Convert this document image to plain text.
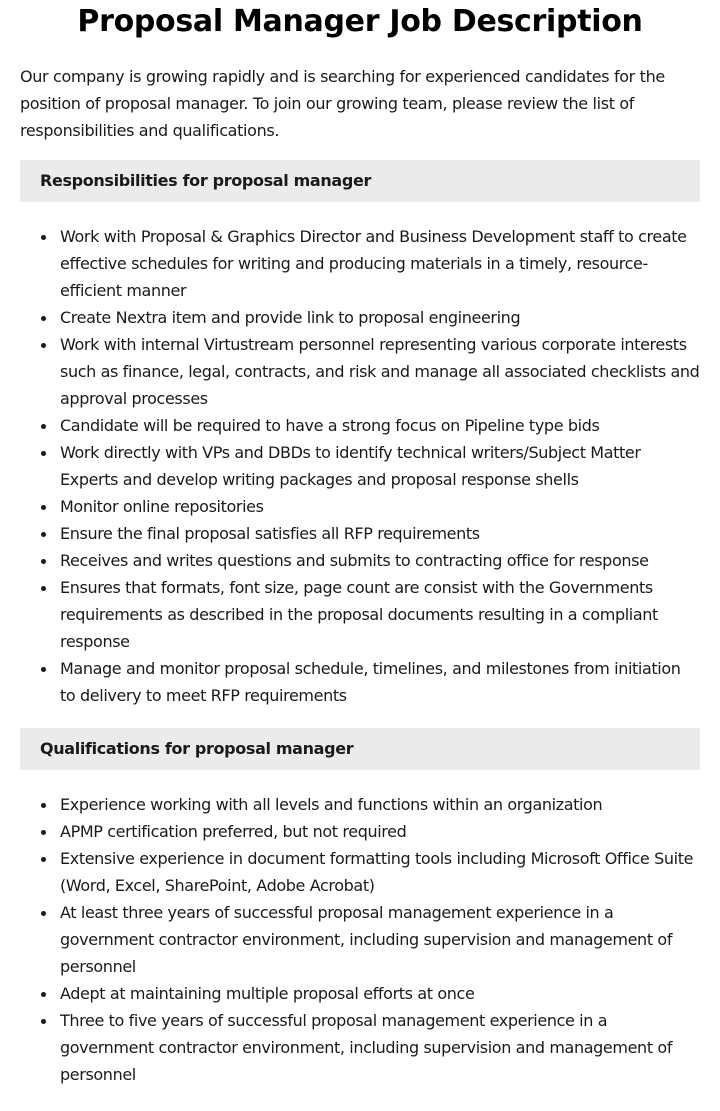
Proposal Manager Job Description

Our company is growing rapidly and is searching for experienced candidates for the position of proposal manager. To join our growing team, please review the list of responsibilities and qualifications.

Responsibilities for proposal manager
Work with Proposal & Graphics Director and Business Development staff to create effective schedules for writing and producing materials in a timely, resource-efficient manner
Create Nextra item and provide link to proposal engineering
Work with internal Virtustream personnel representing various corporate interests such as finance, legal, contracts, and risk and manage all associated checklists and approval processes
Candidate will be required to have a strong focus on Pipeline type bids
Work directly with VPs and DBDs to identify technical writers/Subject Matter Experts and develop writing packages and proposal response shells
Monitor online repositories
Ensure the final proposal satisfies all RFP requirements
Receives and writes questions and submits to contracting office for response
Ensures that formats, font size, page count are consist with the Governments requirements as described in the proposal documents resulting in a compliant response
Manage and monitor proposal schedule, timelines, and milestones from initiation to delivery to meet RFP requirements
Qualifications for proposal manager
Experience working with all levels and functions within an organization
APMP certification preferred, but not required
Extensive experience in document formatting tools including Microsoft Office Suite (Word, Excel, SharePoint, Adobe Acrobat)
At least three years of successful proposal management experience in a government contractor environment, including supervision and management of personnel
Adept at maintaining multiple proposal efforts at once
Three to five years of successful proposal management experience in a government contractor environment, including supervision and management of personnel
